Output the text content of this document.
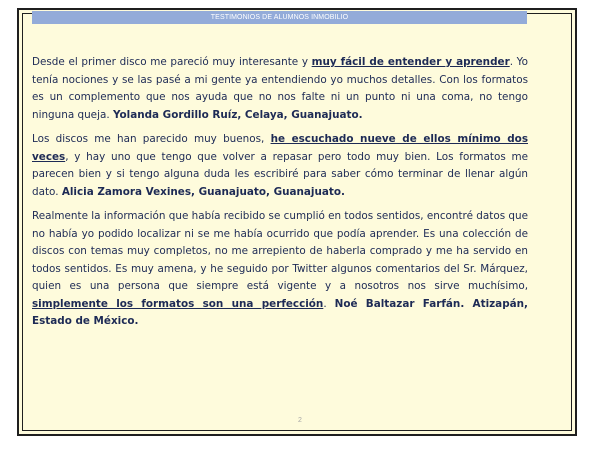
TESTIMONIOS DE ALUMNOS INMOBILIO

Desde el primer disco me pareció muy interesante y muy fácil de entender y aprender. Yo tenía nociones y se las pasé a mi gente ya entendiendo yo muchos detalles. Con los formatos es un complemento que nos ayuda que no nos falte ni un punto ni una coma, no tengo ninguna queja. Yolanda Gordillo Ruíz, Celaya, Guanajuato.

Los discos me han parecido muy buenos, he escuchado nueve de ellos mínimo dos veces, y hay uno que tengo que volver a repasar pero todo muy bien. Los formatos me parecen bien y si tengo alguna duda les escribiré para saber cómo terminar de llenar algún dato. Alicia Zamora Vexines, Guanajuato, Guanajuato.

Realmente la información que había recibido se cumplió en todos sentidos, encontré datos que no había yo podido localizar ni se me había ocurrido que podía aprender. Es una colección de discos con temas muy completos, no me arrepiento de haberla comprado y me ha servido en todos sentidos. Es muy amena, y he seguido por Twitter algunos comentarios del Sr. Márquez, quien es una persona que siempre está vigente y a nosotros nos sirve muchísimo, simplemente los formatos son una perfección. Noé Baltazar Farfán. Atizapán, Estado de México.

2
